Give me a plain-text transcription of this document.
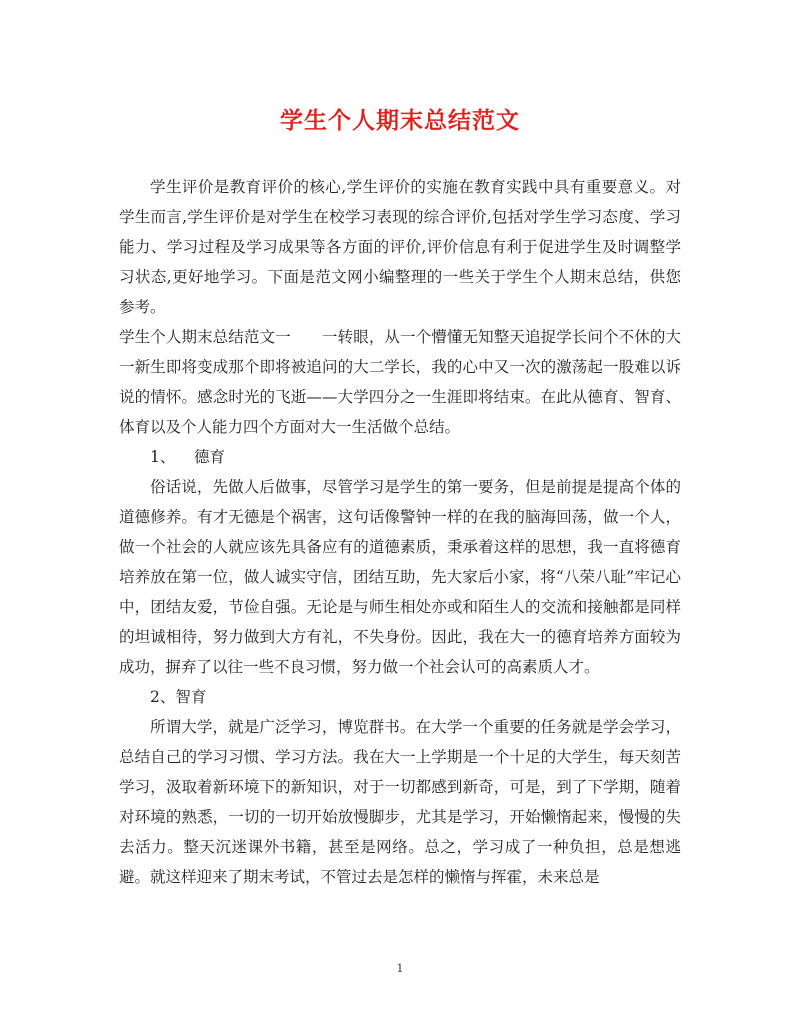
学生个人期末总结范文

学生评价是教育评价的核心,学生评价的实施在教育实践中具有重要意义。对学生而言,学生评价是对学生在校学习表现的综合评价,包括对学生学习态度、学习能力、学习过程及学习成果等各方面的评价,评价信息有利于促进学生及时调整学习状态,更好地学习。下面是范文网小编整理的一些关于学生个人期末总结，供您参考。

学生个人期末总结范文一　　一转眼，从一个懵懂无知整天追捉学长问个不休的大一新生即将变成那个即将被追问的大二学长，我的心中又一次的激荡起一股难以诉说的情怀。感念时光的飞逝——大学四分之一生涯即将结束。在此从德育、智育、体育以及个人能力四个方面对大一生活做个总结。

1、 德育

俗话说，先做人后做事，尽管学习是学生的第一要务，但是前提是提高个体的道德修养。有才无德是个祸害，这句话像警钟一样的在我的脑海回荡，做一个人，做一个社会的人就应该先具备应有的道德素质，秉承着这样的思想，我一直将德育培养放在第一位，做人诚实守信，团结互助，先大家后小家，将“八荣八耻”牢记心中，团结友爱，节俭自强。无论是与师生相处亦或和陌生人的交流和接触都是同样的坦诚相待，努力做到大方有礼，不失身份。因此，我在大一的德育培养方面较为成功，摒弃了以往一些不良习惯，努力做一个社会认可的高素质人才。

2、智育

所谓大学，就是广泛学习，博览群书。在大学一个重要的任务就是学会学习，总结自己的学习习惯、学习方法。我在大一上学期是一个十足的大学生，每天刻苦学习，汲取着新环境下的新知识，对于一切都感到新奇，可是，到了下学期，随着对环境的熟悉，一切的一切开始放慢脚步，尤其是学习，开始懒惰起来，慢慢的失去活力。整天沉迷课外书籍，甚至是网络。总之，学习成了一种负担，总是想逃避。就这样迎来了期末考试，不管过去是怎样的懒惰与挥霍，未来总是

1
